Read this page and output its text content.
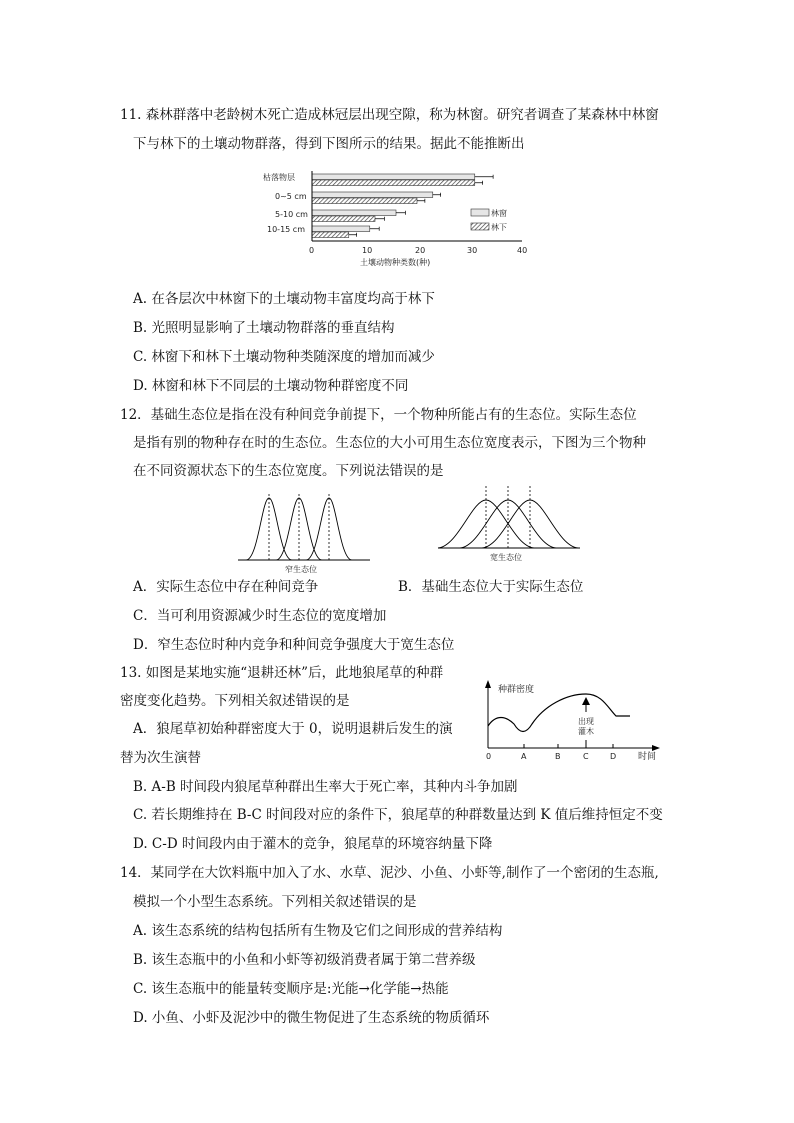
11. 森林群落中老龄树木死亡造成林冠层出现空隙，称为林窗。研究者调查了某森林中林窗
下与林下的土壤动物群落，得到下图所示的结果。据此不能推断出
枯落物层
0~5 cm
5-10 cm
10-15 cm
0	10	20	30	40
土壤动物种类数(种)
林窗
林下
A. 在各层次中林窗下的土壤动物丰富度均高于林下
B. 光照明显影响了土壤动物群落的垂直结构
C. 林窗下和林下土壤动物种类随深度的增加而减少
D. 林窗和林下不同层的土壤动物种群密度不同
12．基础生态位是指在没有种间竞争前提下，一个物种所能占有的生态位。实际生态位
是指有别的物种存在时的生态位。生态位的大小可用生态位宽度表示，下图为三个物种
在不同资源状态下的生态位宽度。下列说法错误的是
窄生态位
宽生态位
A．实际生态位中存在种间竞争	B．基础生态位大于实际生态位
C．当可利用资源减少时生态位的宽度增加
D．窄生态位时种内竞争和种间竞争强度大于宽生态位
13. 如图是某地实施“退耕还林”后，此地狼尾草的种群
密度变化趋势。下列相关叙述错误的是
A．狼尾草初始种群密度大于 0，说明退耕后发生的演
替为次生演替
种群密度
出现
灌木
0	A	B	C	D 时间
B. A-B 时间段内狼尾草种群出生率大于死亡率，其种内斗争加剧
C. 若长期维持在 B-C 时间段对应的条件下，狼尾草的种群数量达到 K 值后维持恒定不变
D. C-D 时间段内由于灌木的竞争，狼尾草的环境容纳量下降
14．某同学在大饮料瓶中加入了水、水草、泥沙、小鱼、小虾等,制作了一个密闭的生态瓶,
模拟一个小型生态系统。下列相关叙述错误的是
A. 该生态系统的结构包括所有生物及它们之间形成的营养结构
B. 该生态瓶中的小鱼和小虾等初级消费者属于第二营养级
C. 该生态瓶中的能量转变顺序是:光能→化学能→热能
D. 小鱼、小虾及泥沙中的微生物促进了生态系统的物质循环
